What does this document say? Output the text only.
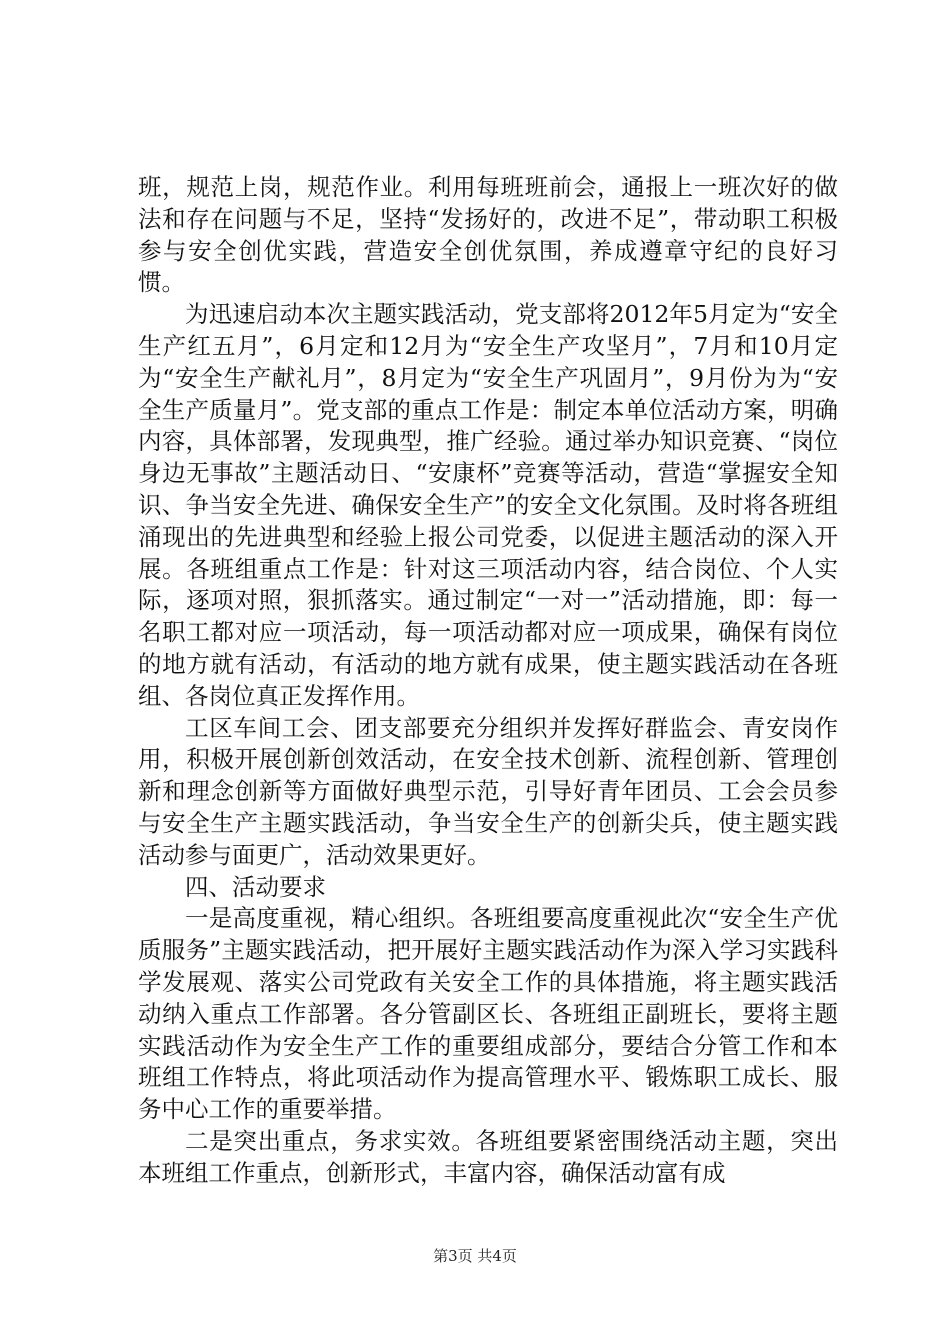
班，规范上岗，规范作业。利用每班班前会，通报上一班次好的做法和存在问题与不足，坚持“发扬好的，改进不足”，带动职工积极参与安全创优实践，营造安全创优氛围，养成遵章守纪的良好习惯。

为迅速启动本次主题实践活动，党支部将2012年5月定为“安全生产红五月”，6月定和12月为“安全生产攻坚月”，7月和10月定为“安全生产献礼月”，8月定为“安全生产巩固月”，9月份为为“安全生产质量月”。党支部的重点工作是：制定本单位活动方案，明确内容，具体部署，发现典型，推广经验。通过举办知识竞赛、“岗位身边无事故”主题活动日、“安康杯”竞赛等活动，营造“掌握安全知识、争当安全先进、确保安全生产”的安全文化氛围。及时将各班组涌现出的先进典型和经验上报公司党委，以促进主题活动的深入开展。各班组重点工作是：针对这三项活动内容，结合岗位、个人实际，逐项对照，狠抓落实。通过制定“一对一”活动措施，即：每一名职工都对应一项活动，每一项活动都对应一项成果，确保有岗位的地方就有活动，有活动的地方就有成果，使主题实践活动在各班组、各岗位真正发挥作用。

工区车间工会、团支部要充分组织并发挥好群监会、青安岗作用，积极开展创新创效活动，在安全技术创新、流程创新、管理创新和理念创新等方面做好典型示范，引导好青年团员、工会会员参与安全生产主题实践活动，争当安全生产的创新尖兵，使主题实践活动参与面更广，活动效果更好。

四、活动要求

一是高度重视，精心组织。各班组要高度重视此次“安全生产优质服务”主题实践活动，把开展好主题实践活动作为深入学习实践科学发展观、落实公司党政有关安全工作的具体措施，将主题实践活动纳入重点工作部署。各分管副区长、各班组正副班长，要将主题实践活动作为安全生产工作的重要组成部分，要结合分管工作和本班组工作特点，将此项活动作为提高管理水平、锻炼职工成长、服务中心工作的重要举措。

二是突出重点，务求实效。各班组要紧密围绕活动主题，突出本班组工作重点，创新形式，丰富内容，确保活动富有成

第3页 共4页
